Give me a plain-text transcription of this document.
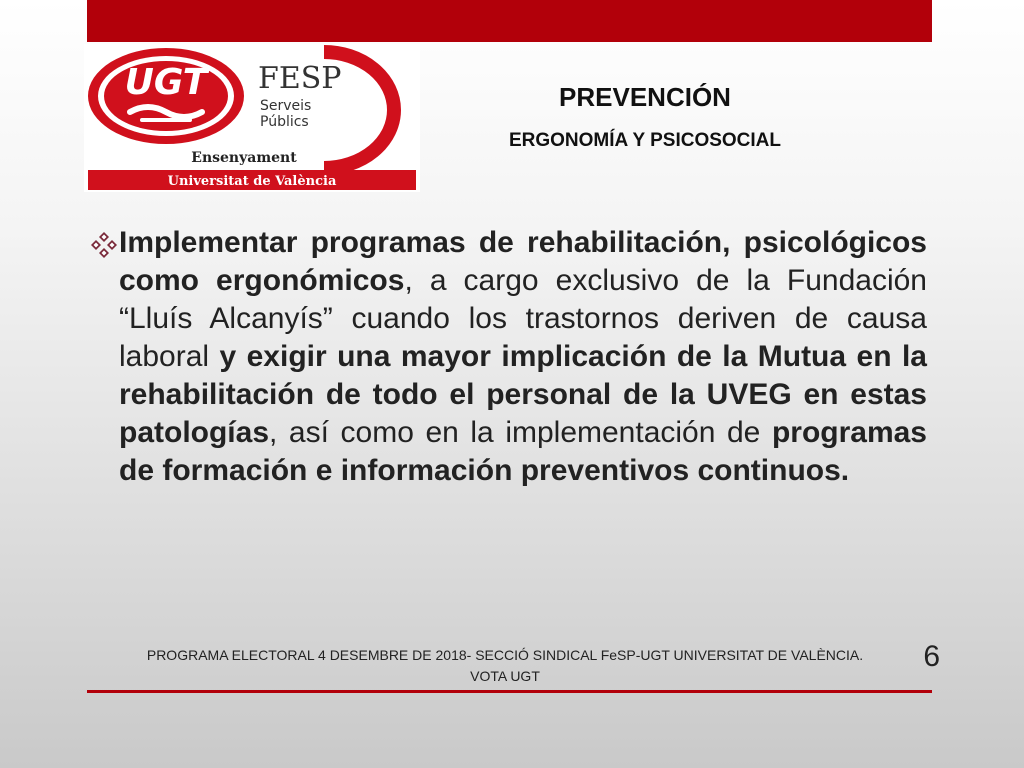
UGT FESP
Serveis
Públics
Ensenyament
Universitat de València
PREVENCIÓN
ERGONOMÍA Y PSICOSOCIAL

Implementar programas de rehabilitación, psicológicos como ergonómicos, a cargo exclusivo de la Fundación “Lluís Alcanyís” cuando los trastornos deriven de causa laboral y exigir una mayor implicación de la Mutua en la rehabilitación de todo el personal de la UVEG en estas patologías, así como en la implementación de programas de formación e información preventivos continuos.

PROGRAMA ELECTORAL 4 DESEMBRE DE 2018- SECCIÓ SINDICAL FeSP-UGT UNIVERSITAT DE VALÈNCIA.
VOTA UGT
6
